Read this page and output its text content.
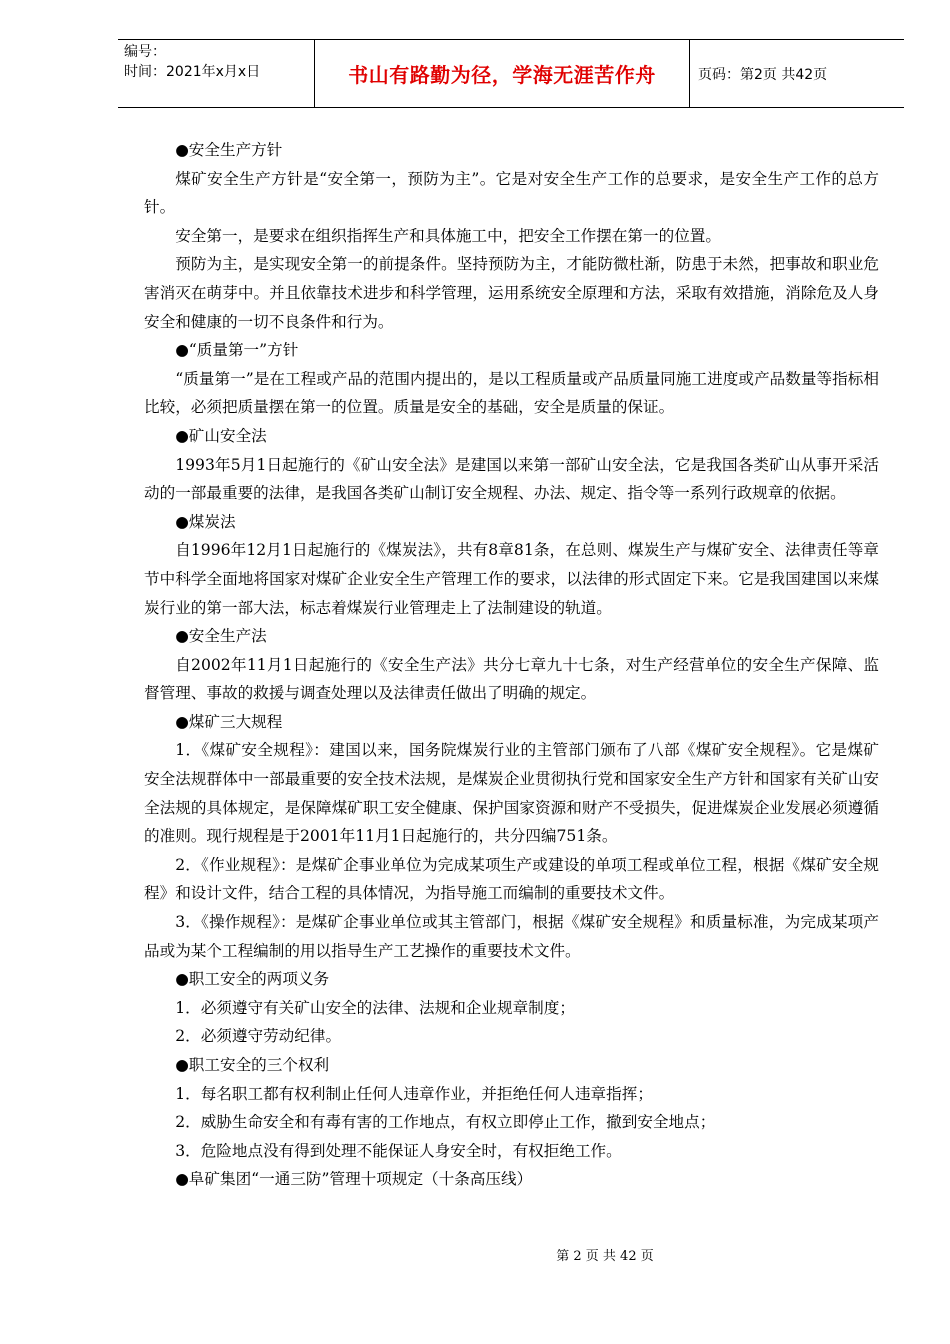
编号：
时间：2021年x月x日	书山有路勤为径，学海无涯苦作舟	页码：第2页 共42页

●安全生产方针

煤矿安全生产方针是“安全第一，预防为主”。它是对安全生产工作的总要求，是安全生产工作的总方针。

安全第一，是要求在组织指挥生产和具体施工中，把安全工作摆在第一的位置。

预防为主，是实现安全第一的前提条件。坚持预防为主，才能防微杜渐，防患于未然，把事故和职业危害消灭在萌芽中。并且依靠技术进步和科学管理，运用系统安全原理和方法，采取有效措施，消除危及人身安全和健康的一切不良条件和行为。

●“质量第一”方针

“质量第一”是在工程或产品的范围内提出的，是以工程质量或产品质量同施工进度或产品数量等指标相比较，必须把质量摆在第一的位置。质量是安全的基础，安全是质量的保证。

●矿山安全法

1993年5月1日起施行的《矿山安全法》是建国以来第一部矿山安全法，它是我国各类矿山从事开采活动的一部最重要的法律，是我国各类矿山制订安全规程、办法、规定、指令等一系列行政规章的依据。

●煤炭法

自1996年12月1日起施行的《煤炭法》，共有8章81条，在总则、煤炭生产与煤矿安全、法律责任等章节中科学全面地将国家对煤矿企业安全生产管理工作的要求，以法律的形式固定下来。它是我国建国以来煤炭行业的第一部大法，标志着煤炭行业管理走上了法制建设的轨道。

●安全生产法

自2002年11月1日起施行的《安全生产法》共分七章九十七条，对生产经营单位的安全生产保障、监督管理、事故的救援与调查处理以及法律责任做出了明确的规定。

●煤矿三大规程

1．《煤矿安全规程》：建国以来，国务院煤炭行业的主管部门颁布了八部《煤矿安全规程》。它是煤矿安全法规群体中一部最重要的安全技术法规，是煤炭企业贯彻执行党和国家安全生产方针和国家有关矿山安全法规的具体规定，是保障煤矿职工安全健康、保护国家资源和财产不受损失，促进煤炭企业发展必须遵循的准则。现行规程是于2001年11月1日起施行的，共分四编751条。

2．《作业规程》：是煤矿企事业单位为完成某项生产或建设的单项工程或单位工程，根据《煤矿安全规程》和设计文件，结合工程的具体情况，为指导施工而编制的重要技术文件。

3．《操作规程》：是煤矿企事业单位或其主管部门，根据《煤矿安全规程》和质量标准，为完成某项产品或为某个工程编制的用以指导生产工艺操作的重要技术文件。

●职工安全的两项义务

1．必须遵守有关矿山安全的法律、法规和企业规章制度；

2．必须遵守劳动纪律。

●职工安全的三个权利

1．每名职工都有权利制止任何人违章作业，并拒绝任何人违章指挥；

2．威胁生命安全和有毒有害的工作地点，有权立即停止工作，撤到安全地点；

3．危险地点没有得到处理不能保证人身安全时，有权拒绝工作。

●阜矿集团“一通三防”管理十项规定（十条高压线）

第 2 页 共 42 页
